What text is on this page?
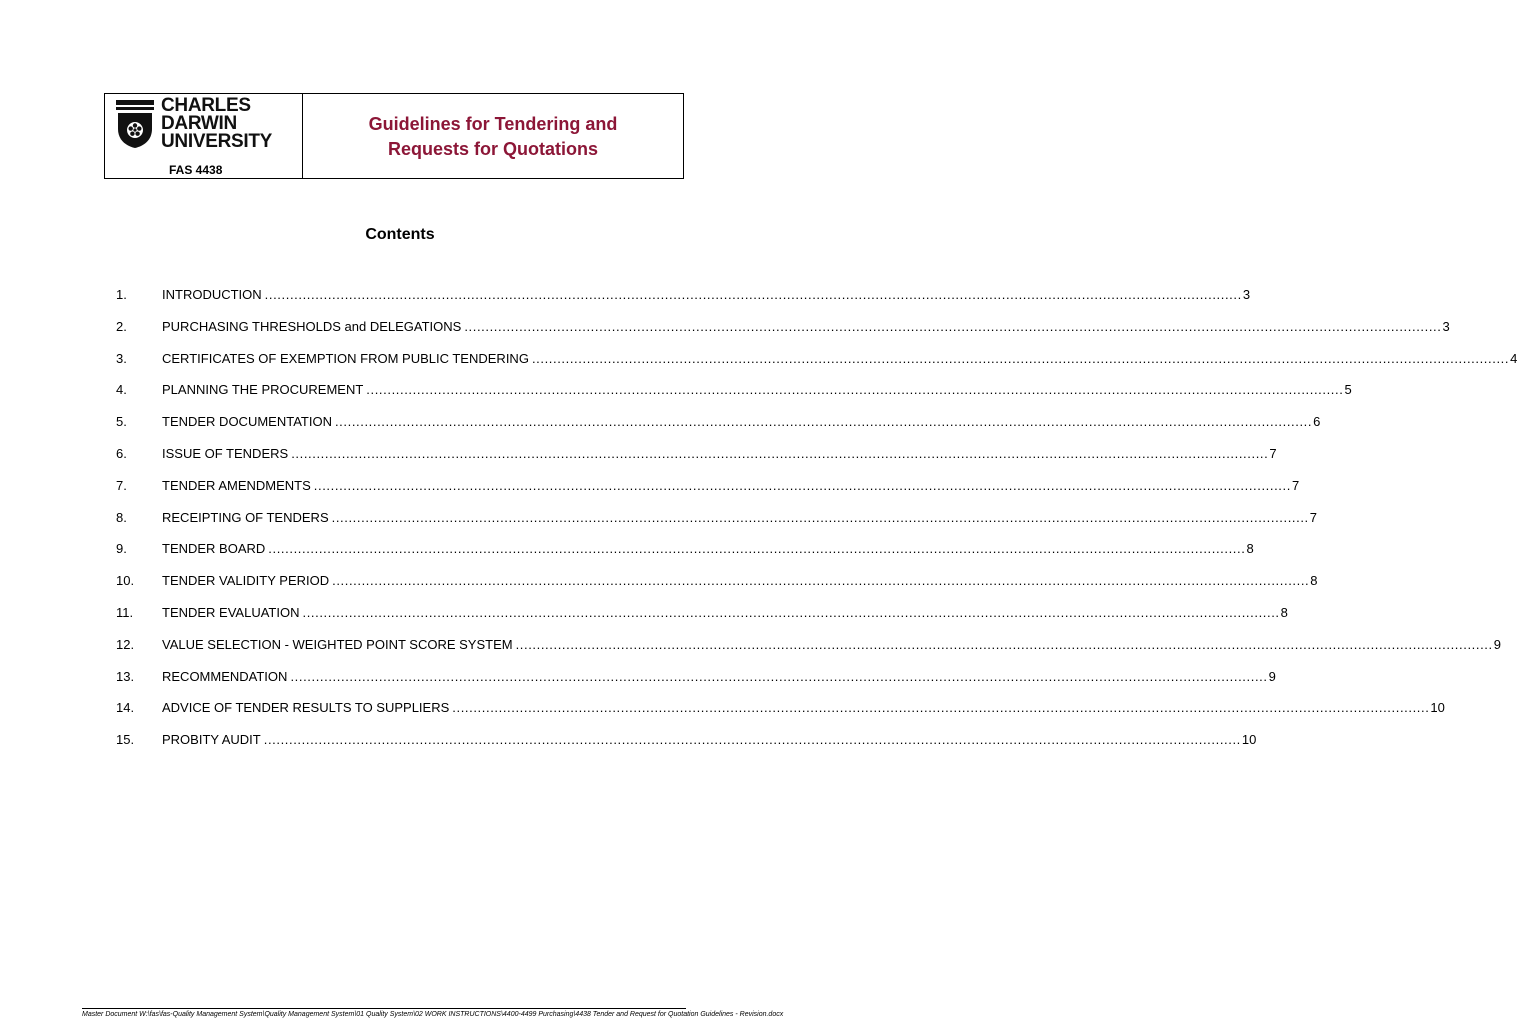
CHARLES
DARWIN
UNIVERSITY
FAS 4438
Guidelines for Tendering and
Requests for Quotations
Contents
1.	INTRODUCTION .....	3
2.	PURCHASING THRESHOLDS and DELEGATIONS .....	3
3.	CERTIFICATES OF EXEMPTION FROM PUBLIC TENDERING .....	4
4.	PLANNING THE PROCUREMENT .....	5
5.	TENDER DOCUMENTATION .....	6
6.	ISSUE OF TENDERS .....	7
7.	TENDER AMENDMENTS .....	7
8.	RECEIPTING OF TENDERS .....	7
9.	TENDER BOARD .....	8
10. TENDER VALIDITY PERIOD .....	8
11. TENDER EVALUATION .....	8
12. VALUE SELECTION - WEIGHTED POINT SCORE SYSTEM .....	9
13. RECOMMENDATION .....	9
14. ADVICE OF TENDER RESULTS TO SUPPLIERS .....	10
15. PROBITY AUDIT .....	10
Master Document W:\fas\fas-Quality Management System\Quality Management System\01 Quality System\02 WORK INSTRUCTIONS\4400-4499 Purchasing\4438 Tender and Request for Quotation Guidelines - Revision.docx
